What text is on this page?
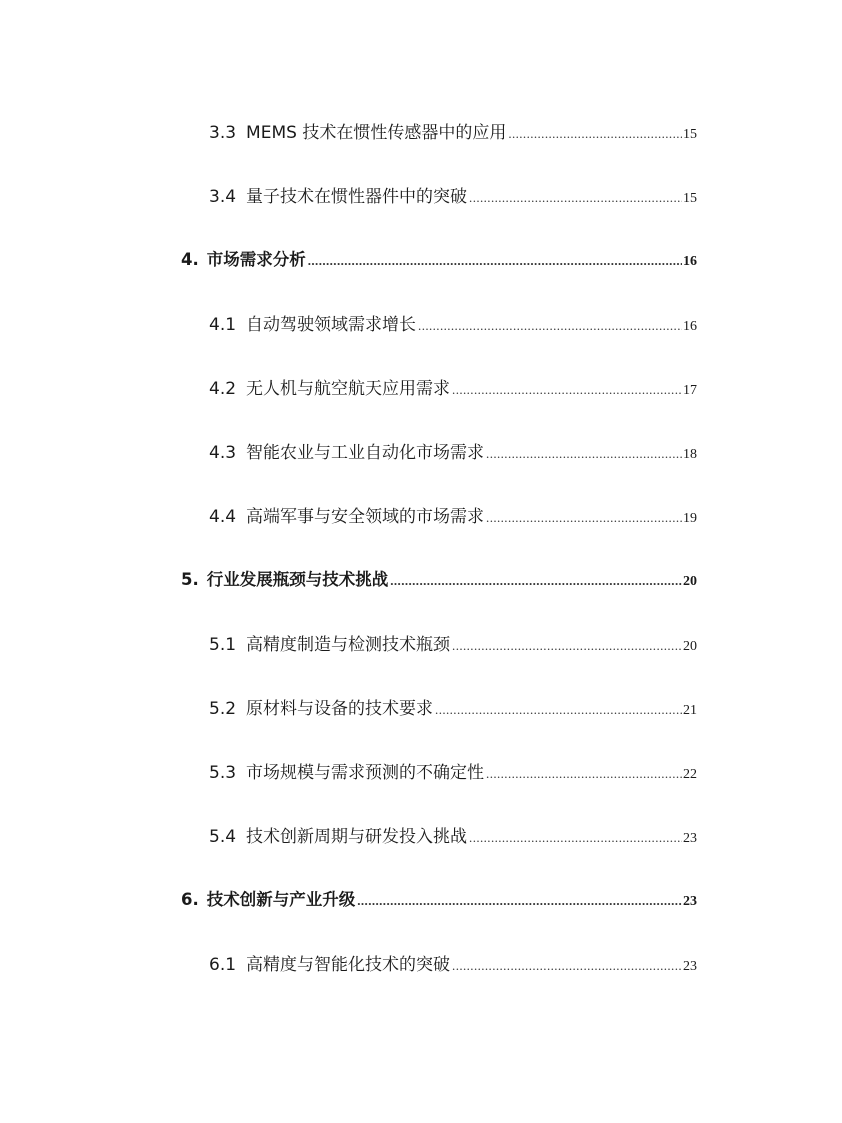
3.3 MEMS 技术在惯性传感器中的应用 .....	15
3.4 量子技术在惯性器件中的突破 .....	15
4. 市场需求分析 .....	16
4.1 自动驾驶领域需求增长 .....	16
4.2 无人机与航空航天应用需求 .....	17
4.3 智能农业与工业自动化市场需求 .....	18
4.4 高端军事与安全领域的市场需求 .....	19
5. 行业发展瓶颈与技术挑战 .....	20
5.1 高精度制造与检测技术瓶颈 .....	20
5.2 原材料与设备的技术要求 .....	21
5.3 市场规模与需求预测的不确定性 .....	22
5.4 技术创新周期与研发投入挑战 .....	23
6. 技术创新与产业升级 .....	23
6.1 高精度与智能化技术的突破 .....	23
